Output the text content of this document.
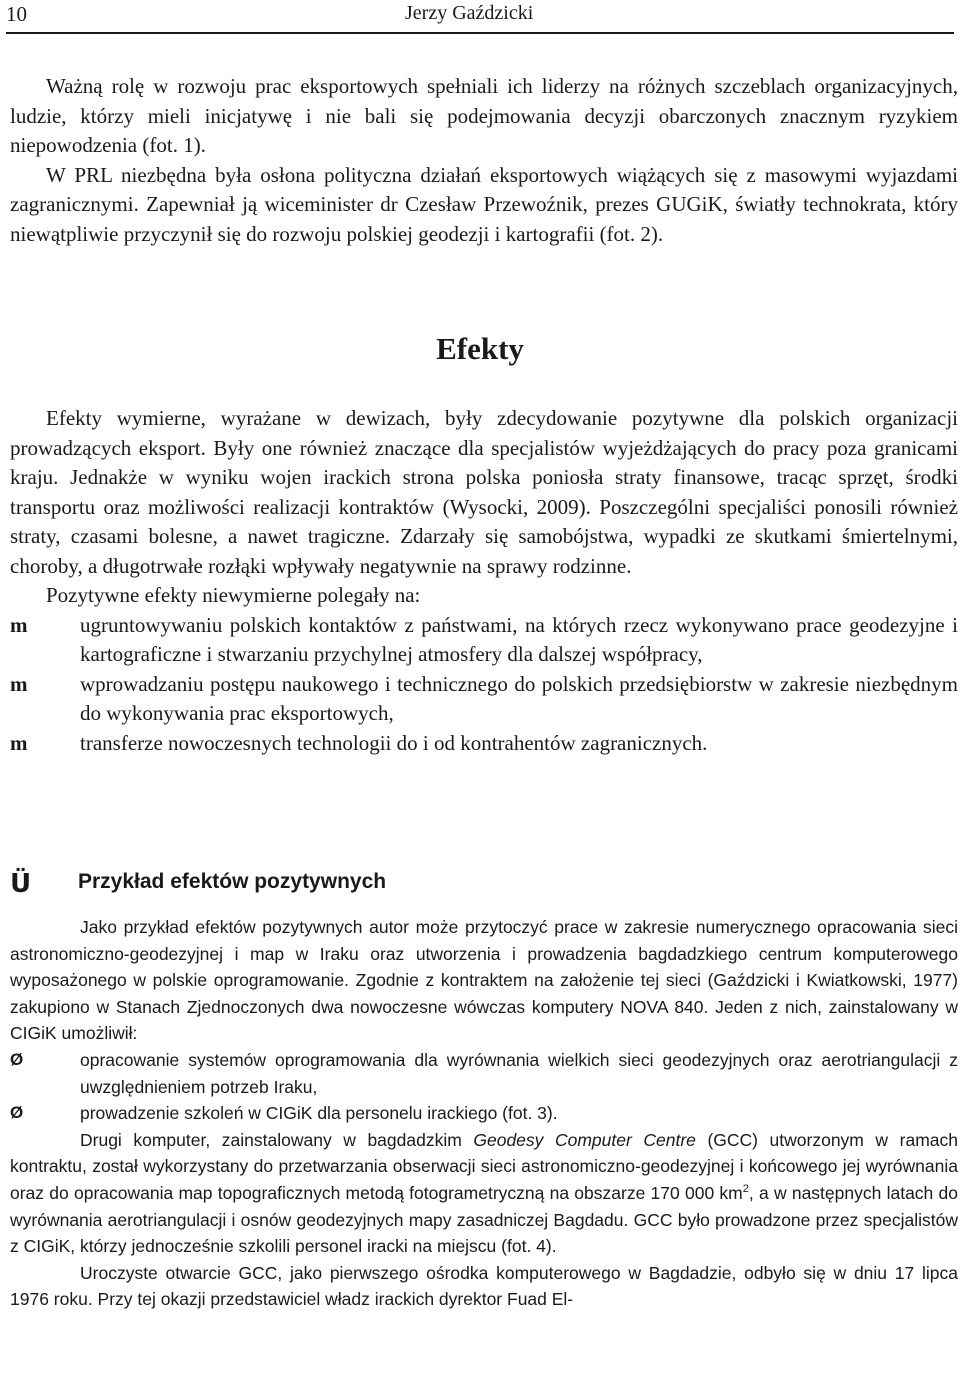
10	Jerzy Gaździcki

Ważną rolę w rozwoju prac eksportowych spełniali ich liderzy na różnych szczeblach organizacyjnych, ludzie, którzy mieli inicjatywę i nie bali się podejmowania decyzji obarczonych znacznym ryzykiem niepowodzenia (fot. 1).

W PRL niezbędna była osłona polityczna działań eksportowych wiążących się z masowymi wyjazdami zagranicznymi. Zapewniał ją wiceminister dr Czesław Przewoźnik, prezes GUGiK, światły technokrata, który niewątpliwie przyczynił się do rozwoju polskiej geodezji i kartografii (fot. 2).

Efekty

Efekty wymierne, wyrażane w dewizach, były zdecydowanie pozytywne dla polskich organizacji prowadzących eksport. Były one również znaczące dla specjalistów wyjeżdżających do pracy poza granicami kraju. Jednakże w wyniku wojen irackich strona polska poniosła straty finansowe, tracąc sprzęt, środki transportu oraz możliwości realizacji kontraktów (Wysocki, 2009). Poszczególni specjaliści ponosili również straty, czasami bolesne, a nawet tragiczne. Zdarzały się samobójstwa, wypadki ze skutkami śmiertelnymi, choroby, a długotrwałe rozłąki wpływały negatywnie na sprawy rodzinne.

Pozytywne efekty niewymierne polegały na:

m	ugruntowywaniu polskich kontaktów z państwami, na których rzecz wykonywano prace geodezyjne i kartograficzne i stwarzaniu przychylnej atmosfery dla dalszej współpracy,
m	wprowadzaniu postępu naukowego i technicznego do polskich przedsiębiorstw w zakresie niezbędnym do wykonywania prac eksportowych,
m	transferze nowoczesnych technologii do i od kontrahentów zagranicznych.
Ü Przykład efektów pozytywnych

Jako przykład efektów pozytywnych autor może przytoczyć prace w zakresie numerycznego opracowania sieci astronomiczno-geodezyjnej i map w Iraku oraz utworzenia i prowadzenia bagdadzkiego centrum komputerowego wyposażonego w polskie oprogramowanie. Zgodnie z kontraktem na założenie tej sieci (Gaździcki i Kwiatkowski, 1977) zakupiono w Stanach Zjednoczonych dwa nowoczesne wówczas komputery NOVA 840. Jeden z nich, zainstalowany w CIGiK umożliwił:

Ø	opracowanie systemów oprogramowania dla wyrównania wielkich sieci geodezyjnych oraz aerotriangulacji z uwzględnieniem potrzeb Iraku,
Ø	prowadzenie szkoleń w CIGiK dla personelu irackiego (fot. 3).

Drugi komputer, zainstalowany w bagdadzkim Geodesy Computer Centre (GCC) utworzonym w ramach kontraktu, został wykorzystany do przetwarzania obserwacji sieci astronomiczno-geodezyjnej i końcowego jej wyrównania oraz do opracowania map topograficznych metodą fotogrametryczną na obszarze 170 000 $km^2$, a w następnych latach do wyrównania aerotriangulacji i osnów geodezyjnych mapy zasadniczej Bagdadu. GCC było prowadzone przez specjalistów z CIGiK, którzy jednocześnie szkolili personel iracki na miejscu (fot. 4).

Uroczyste otwarcie GCC, jako pierwszego ośrodka komputerowego w Bagdadzie, odbyło się w dniu 17 lipca 1976 roku. Przy tej okazji przedstawiciel władz irackich dyrektor Fuad El-
